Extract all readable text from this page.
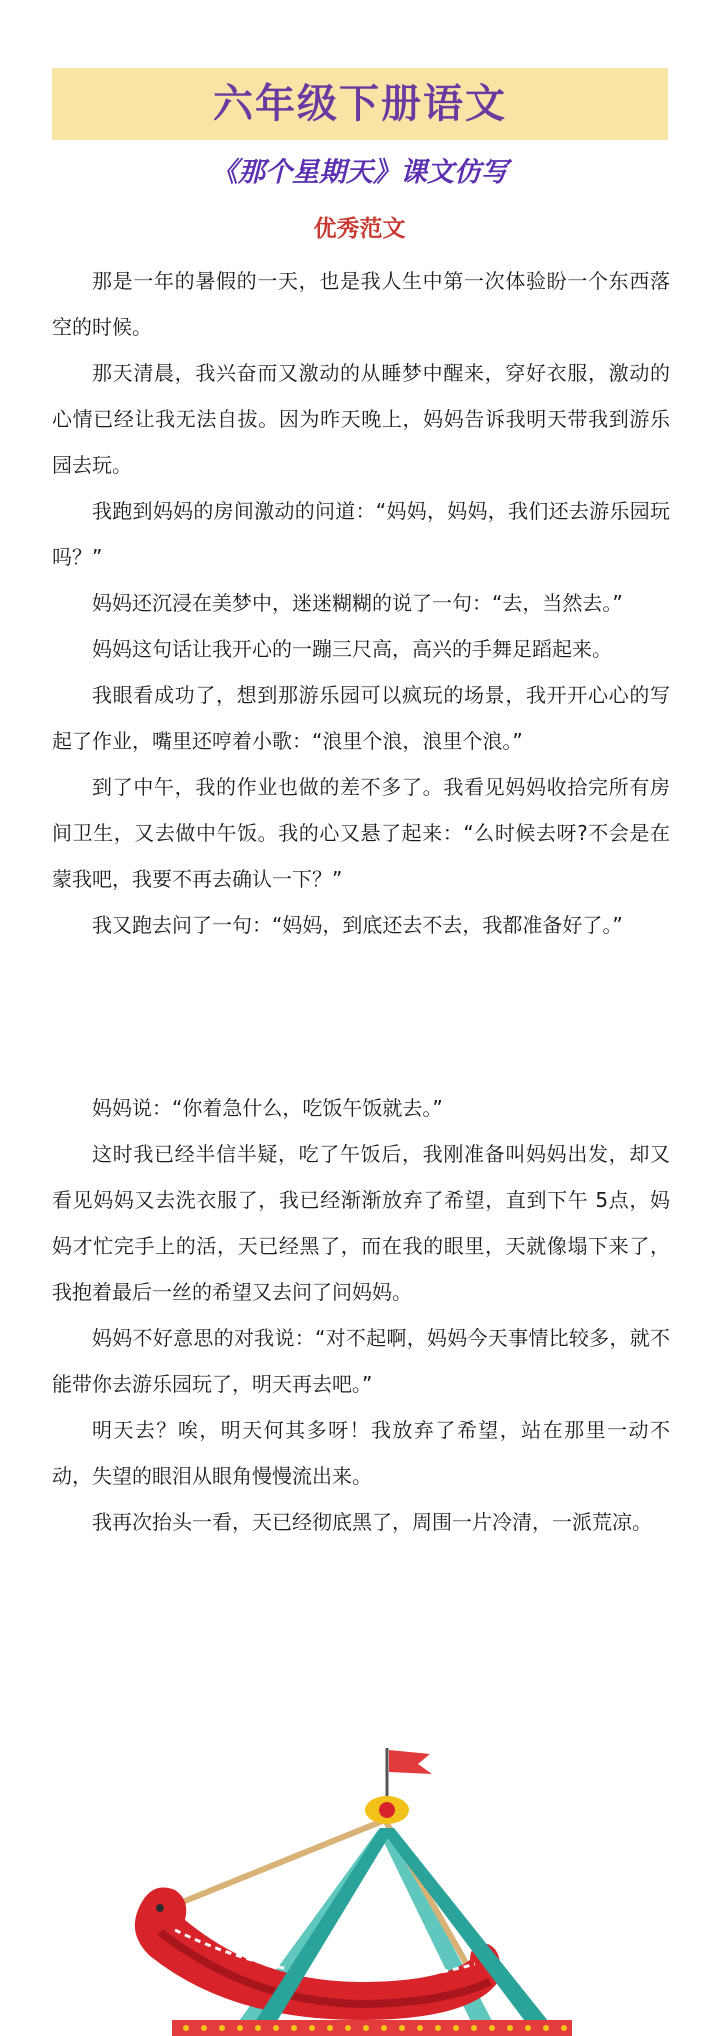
六年级下册语文
《那个星期天》课文仿写
优秀范文

那是一年的暑假的一天，也是我人生中第一次体验盼一个东西落空的时候。

那天清晨，我兴奋而又激动的从睡梦中醒来，穿好衣服，激动的心情已经让我无法自拔。因为昨天晚上，妈妈告诉我明天带我到游乐园去玩。

我跑到妈妈的房间激动的问道：“妈妈，妈妈，我们还去游乐园玩吗？”

妈妈还沉浸在美梦中，迷迷糊糊的说了一句：“去，当然去。”

妈妈这句话让我开心的一蹦三尺高，高兴的手舞足蹈起来。

我眼看成功了，想到那游乐园可以疯玩的场景，我开开心心的写起了作业，嘴里还哼着小歌：“浪里个浪，浪里个浪。”

到了中午，我的作业也做的差不多了。我看见妈妈收拾完所有房间卫生，又去做中午饭。我的心又悬了起来：“么时候去呀?不会是在蒙我吧，我要不再去确认一下？”

我又跑去问了一句：“妈妈，到底还去不去，我都准备好了。”

妈妈说：“你着急什么，吃饭午饭就去。”

这时我已经半信半疑，吃了午饭后，我刚准备叫妈妈出发，却又看见妈妈又去洗衣服了，我已经渐渐放弃了希望，直到下午 5点，妈妈才忙完手上的活，天已经黑了，而在我的眼里，天就像塌下来了，我抱着最后一丝的希望又去问了问妈妈。

妈妈不好意思的对我说：“对不起啊，妈妈今天事情比较多，就不能带你去游乐园玩了，明天再去吧。”

明天去？唉，明天何其多呀！我放弃了希望，站在那里一动不动，失望的眼泪从眼角慢慢流出来。

我再次抬头一看，天已经彻底黑了，周围一片冷清，一派荒凉。
